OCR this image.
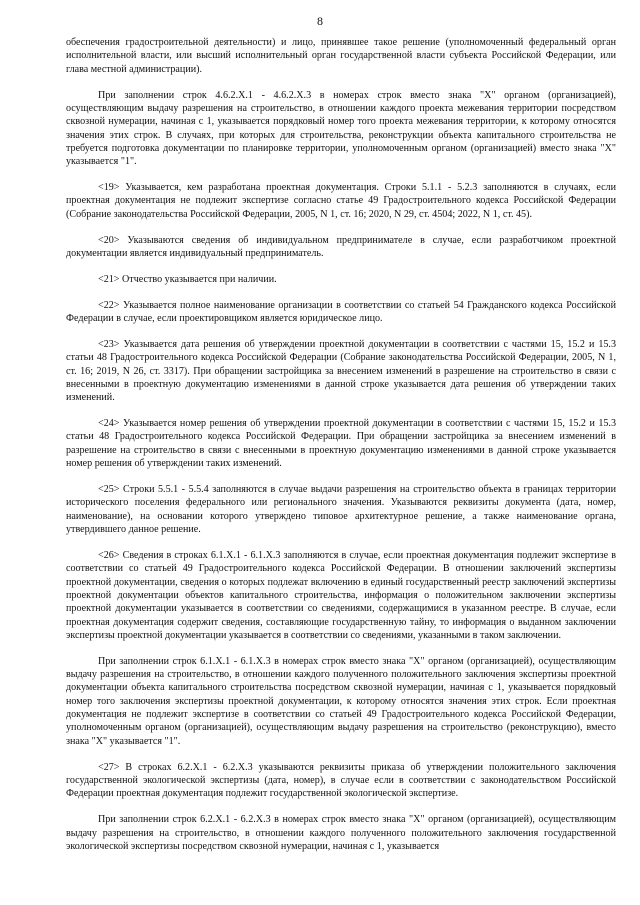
8

обеспечения градостроительной деятельности) и лицо, принявшее такое решение (уполномоченный федеральный орган исполнительной власти, или высший исполнительный орган государственной власти субъекта Российской Федерации, или глава местной администрации).

При заполнении строк 4.6.2.X.1 - 4.6.2.X.3 в номерах строк вместо знака "X" органом (организацией), осуществляющим выдачу разрешения на строительство, в отношении каждого проекта межевания территории посредством сквозной нумерации, начиная с 1, указывается порядковый номер того проекта межевания территории, к которому относятся значения этих строк. В случаях, при которых для строительства, реконструкции объекта капитального строительства не требуется подготовка документации по планировке территории, уполномоченным органом (организацией) вместо знака "X" указывается "1".

<19> Указывается, кем разработана проектная документация. Строки 5.1.1 - 5.2.3 заполняются в случаях, если проектная документация не подлежит экспертизе согласно статье 49 Градостроительного кодекса Российской Федерации (Собрание законодательства Российской Федерации, 2005, N 1, ст. 16; 2020, N 29, ст. 4504; 2022, N 1, ст. 45).

<20> Указываются сведения об индивидуальном предпринимателе в случае, если разработчиком проектной документации является индивидуальный предприниматель.

<21> Отчество указывается при наличии.

<22> Указывается полное наименование организации в соответствии со статьей 54 Гражданского кодекса Российской Федерации в случае, если проектировщиком является юридическое лицо.

<23> Указывается дата решения об утверждении проектной документации в соответствии с частями 15, 15.2 и 15.3 статьи 48 Градостроительного кодекса Российской Федерации (Собрание законодательства Российской Федерации, 2005, N 1, ст. 16; 2019, N 26, ст. 3317). При обращении застройщика за внесением изменений в разрешение на строительство в связи с внесенными в проектную документацию изменениями в данной строке указывается дата решения об утверждении таких изменений.

<24> Указывается номер решения об утверждении проектной документации в соответствии с частями 15, 15.2 и 15.3 статьи 48 Градостроительного кодекса Российской Федерации. При обращении застройщика за внесением изменений в разрешение на строительство в связи с внесенными в проектную документацию изменениями в данной строке указывается номер решения об утверждении таких изменений.

<25> Строки 5.5.1 - 5.5.4 заполняются в случае выдачи разрешения на строительство объекта в границах территории исторического поселения федерального или регионального значения. Указываются реквизиты документа (дата, номер, наименование), на основании которого утверждено типовое архитектурное решение, а также наименование органа, утвердившего данное решение.

<26> Сведения в строках 6.1.X.1 - 6.1.X.3 заполняются в случае, если проектная документация подлежит экспертизе в соответствии со статьей 49 Градостроительного кодекса Российской Федерации. В отношении заключений экспертизы проектной документации, сведения о которых подлежат включению в единый государственный реестр заключений экспертизы проектной документации объектов капитального строительства, информация о положительном заключении экспертизы проектной документации указывается в соответствии со сведениями, содержащимися в указанном реестре. В случае, если проектная документация содержит сведения, составляющие государственную тайну, то информация о выданном заключении экспертизы проектной документации указывается в соответствии со сведениями, указанными в таком заключении.

При заполнении строк 6.1.X.1 - 6.1.X.3 в номерах строк вместо знака "X" органом (организацией), осуществляющим выдачу разрешения на строительство, в отношении каждого полученного положительного заключения экспертизы проектной документации объекта капитального строительства посредством сквозной нумерации, начиная с 1, указывается порядковый номер того заключения экспертизы проектной документации, к которому относятся значения этих строк. Если проектная документация не подлежит экспертизе в соответствии со статьей 49 Градостроительного кодекса Российской Федерации, уполномоченным органом (организацией), осуществляющим выдачу разрешения на строительство (реконструкцию), вместо знака "X" указывается "1".

<27> В строках 6.2.X.1 - 6.2.X.3 указываются реквизиты приказа об утверждении положительного заключения государственной экологической экспертизы (дата, номер), в случае если в соответствии с законодательством Российской Федерации проектная документация подлежит государственной экологической экспертизе.

При заполнении строк 6.2.X.1 - 6.2.X.3 в номерах строк вместо знака "X" органом (организацией), осуществляющим выдачу разрешения на строительство, в отношении каждого полученного положительного заключения государственной экологической экспертизы посредством сквозной нумерации, начиная с 1, указывается
